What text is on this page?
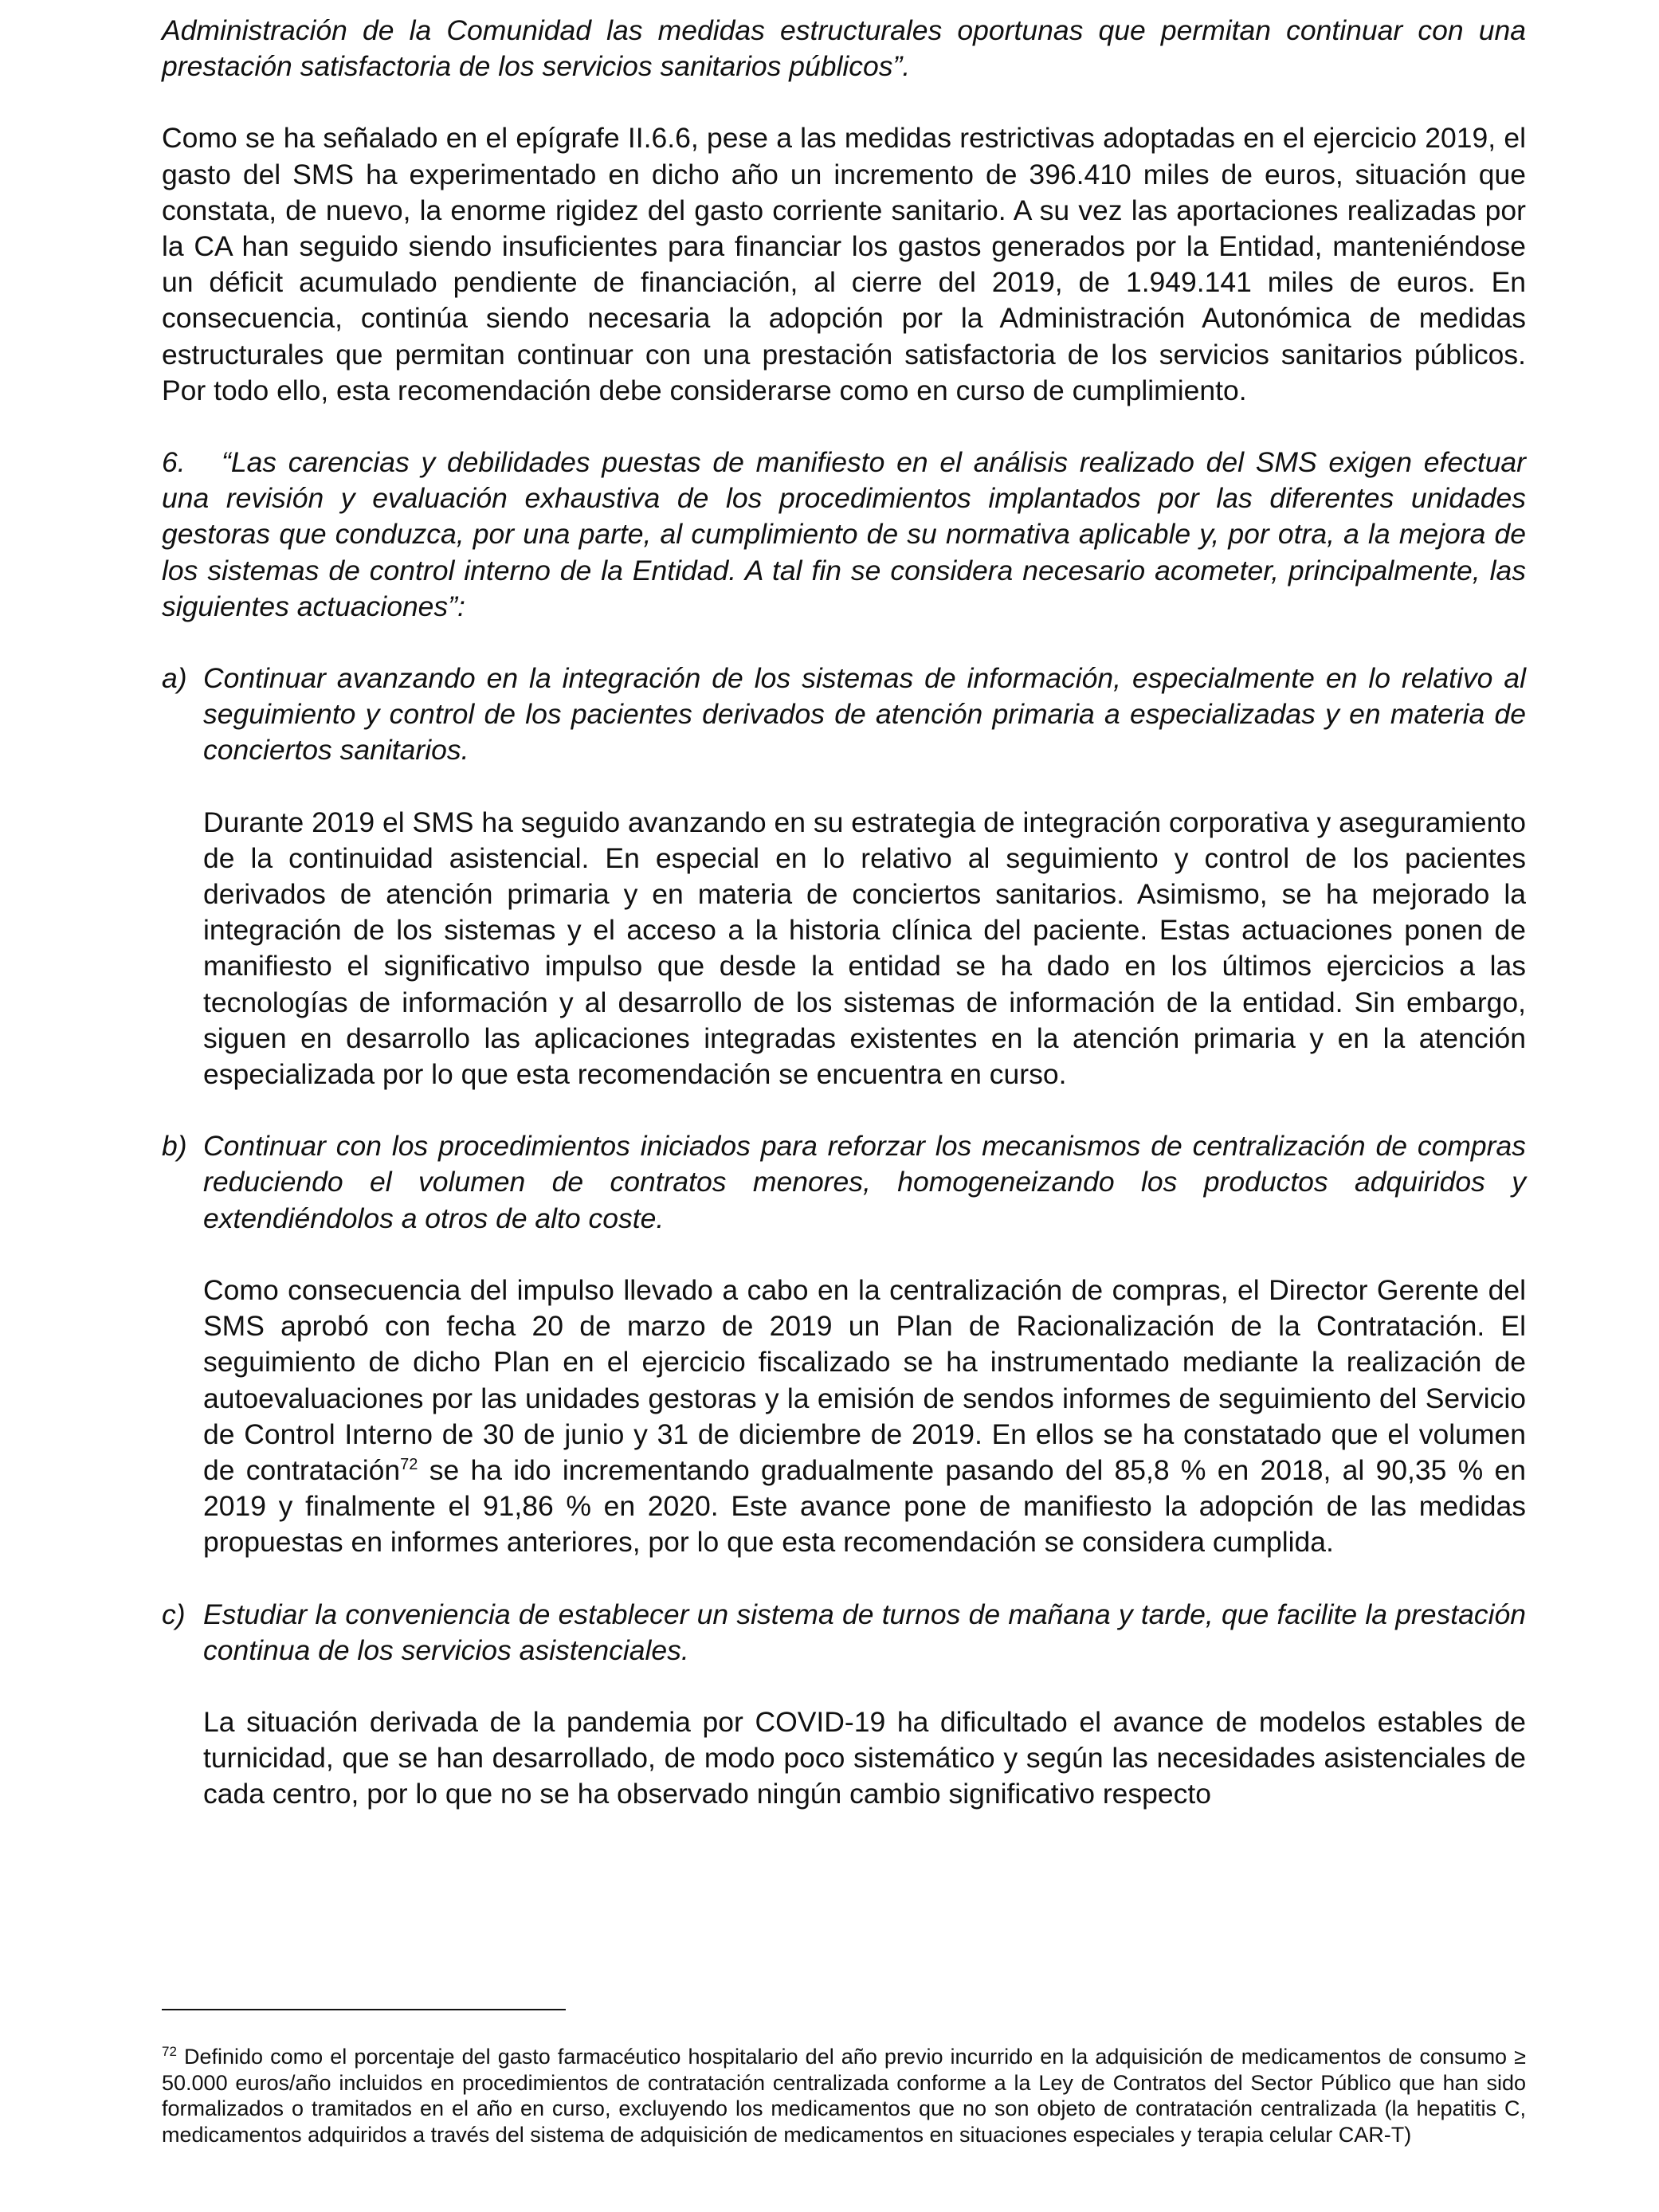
Administración de la Comunidad las medidas estructurales oportunas que permitan continuar con una prestación satisfactoria de los servicios sanitarios públicos”.

Como se ha señalado en el epígrafe II.6.6, pese a las medidas restrictivas adoptadas en el ejercicio 2019, el gasto del SMS ha experimentado en dicho año un incremento de 396.410 miles de euros, situación que constata, de nuevo, la enorme rigidez del gasto corriente sanitario. A su vez las aportaciones realizadas por la CA han seguido siendo insuficientes para financiar los gastos generados por la Entidad, manteniéndose un déficit acumulado pendiente de financiación, al cierre del 2019, de 1.949.141 miles de euros. En consecuencia, continúa siendo necesaria la adopción por la Administración Autonómica de medidas estructurales que permitan continuar con una prestación satisfactoria de los servicios sanitarios públicos. Por todo ello, esta recomendación debe considerarse como en curso de cumplimiento.

6. “Las carencias y debilidades puestas de manifiesto en el análisis realizado del SMS exigen efectuar una revisión y evaluación exhaustiva de los procedimientos implantados por las diferentes unidades gestoras que conduzca, por una parte, al cumplimiento de su normativa aplicable y, por otra, a la mejora de los sistemas de control interno de la Entidad. A tal fin se considera necesario acometer, principalmente, las siguientes actuaciones”:

a) Continuar avanzando en la integración de los sistemas de información, especialmente en lo relativo al seguimiento y control de los pacientes derivados de atención primaria a especializadas y en materia de conciertos sanitarios.

Durante 2019 el SMS ha seguido avanzando en su estrategia de integración corporativa y aseguramiento de la continuidad asistencial. En especial en lo relativo al seguimiento y control de los pacientes derivados de atención primaria y en materia de conciertos sanitarios. Asimismo, se ha mejorado la integración de los sistemas y el acceso a la historia clínica del paciente. Estas actuaciones ponen de manifiesto el significativo impulso que desde la entidad se ha dado en los últimos ejercicios a las tecnologías de información y al desarrollo de los sistemas de información de la entidad. Sin embargo, siguen en desarrollo las aplicaciones integradas existentes en la atención primaria y en la atención especializada por lo que esta recomendación se encuentra en curso.

b) Continuar con los procedimientos iniciados para reforzar los mecanismos de centralización de compras reduciendo el volumen de contratos menores, homogeneizando los productos adquiridos y extendiéndolos a otros de alto coste.

Como consecuencia del impulso llevado a cabo en la centralización de compras, el Director Gerente del SMS aprobó con fecha 20 de marzo de 2019 un Plan de Racionalización de la Contratación. El seguimiento de dicho Plan en el ejercicio fiscalizado se ha instrumentado mediante la realización de autoevaluaciones por las unidades gestoras y la emisión de sendos informes de seguimiento del Servicio de Control Interno de 30 de junio y 31 de diciembre de 2019. En ellos se ha constatado que el volumen de contratación$^{72}$ se ha ido incrementando gradualmente pasando del 85,8 % en 2018, al 90,35 % en 2019 y finalmente el 91,86 % en 2020. Este avance pone de manifiesto la adopción de las medidas propuestas en informes anteriores, por lo que esta recomendación se considera cumplida.

c) Estudiar la conveniencia de establecer un sistema de turnos de mañana y tarde, que facilite la prestación continua de los servicios asistenciales.

La situación derivada de la pandemia por COVID-19 ha dificultado el avance de modelos estables de turnicidad, que se han desarrollado, de modo poco sistemático y según las necesidades asistenciales de cada centro, por lo que no se ha observado ningún cambio significativo respecto

$^{72}$ Definido como el porcentaje del gasto farmacéutico hospitalario del año previo incurrido en la adquisición de medicamentos de consumo ≥ 50.000 euros/año incluidos en procedimientos de contratación centralizada conforme a la Ley de Contratos del Sector Público que han sido formalizados o tramitados en el año en curso, excluyendo los medicamentos que no son objeto de contratación centralizada (la hepatitis C, medicamentos adquiridos a través del sistema de adquisición de medicamentos en situaciones especiales y terapia celular CAR-T)
